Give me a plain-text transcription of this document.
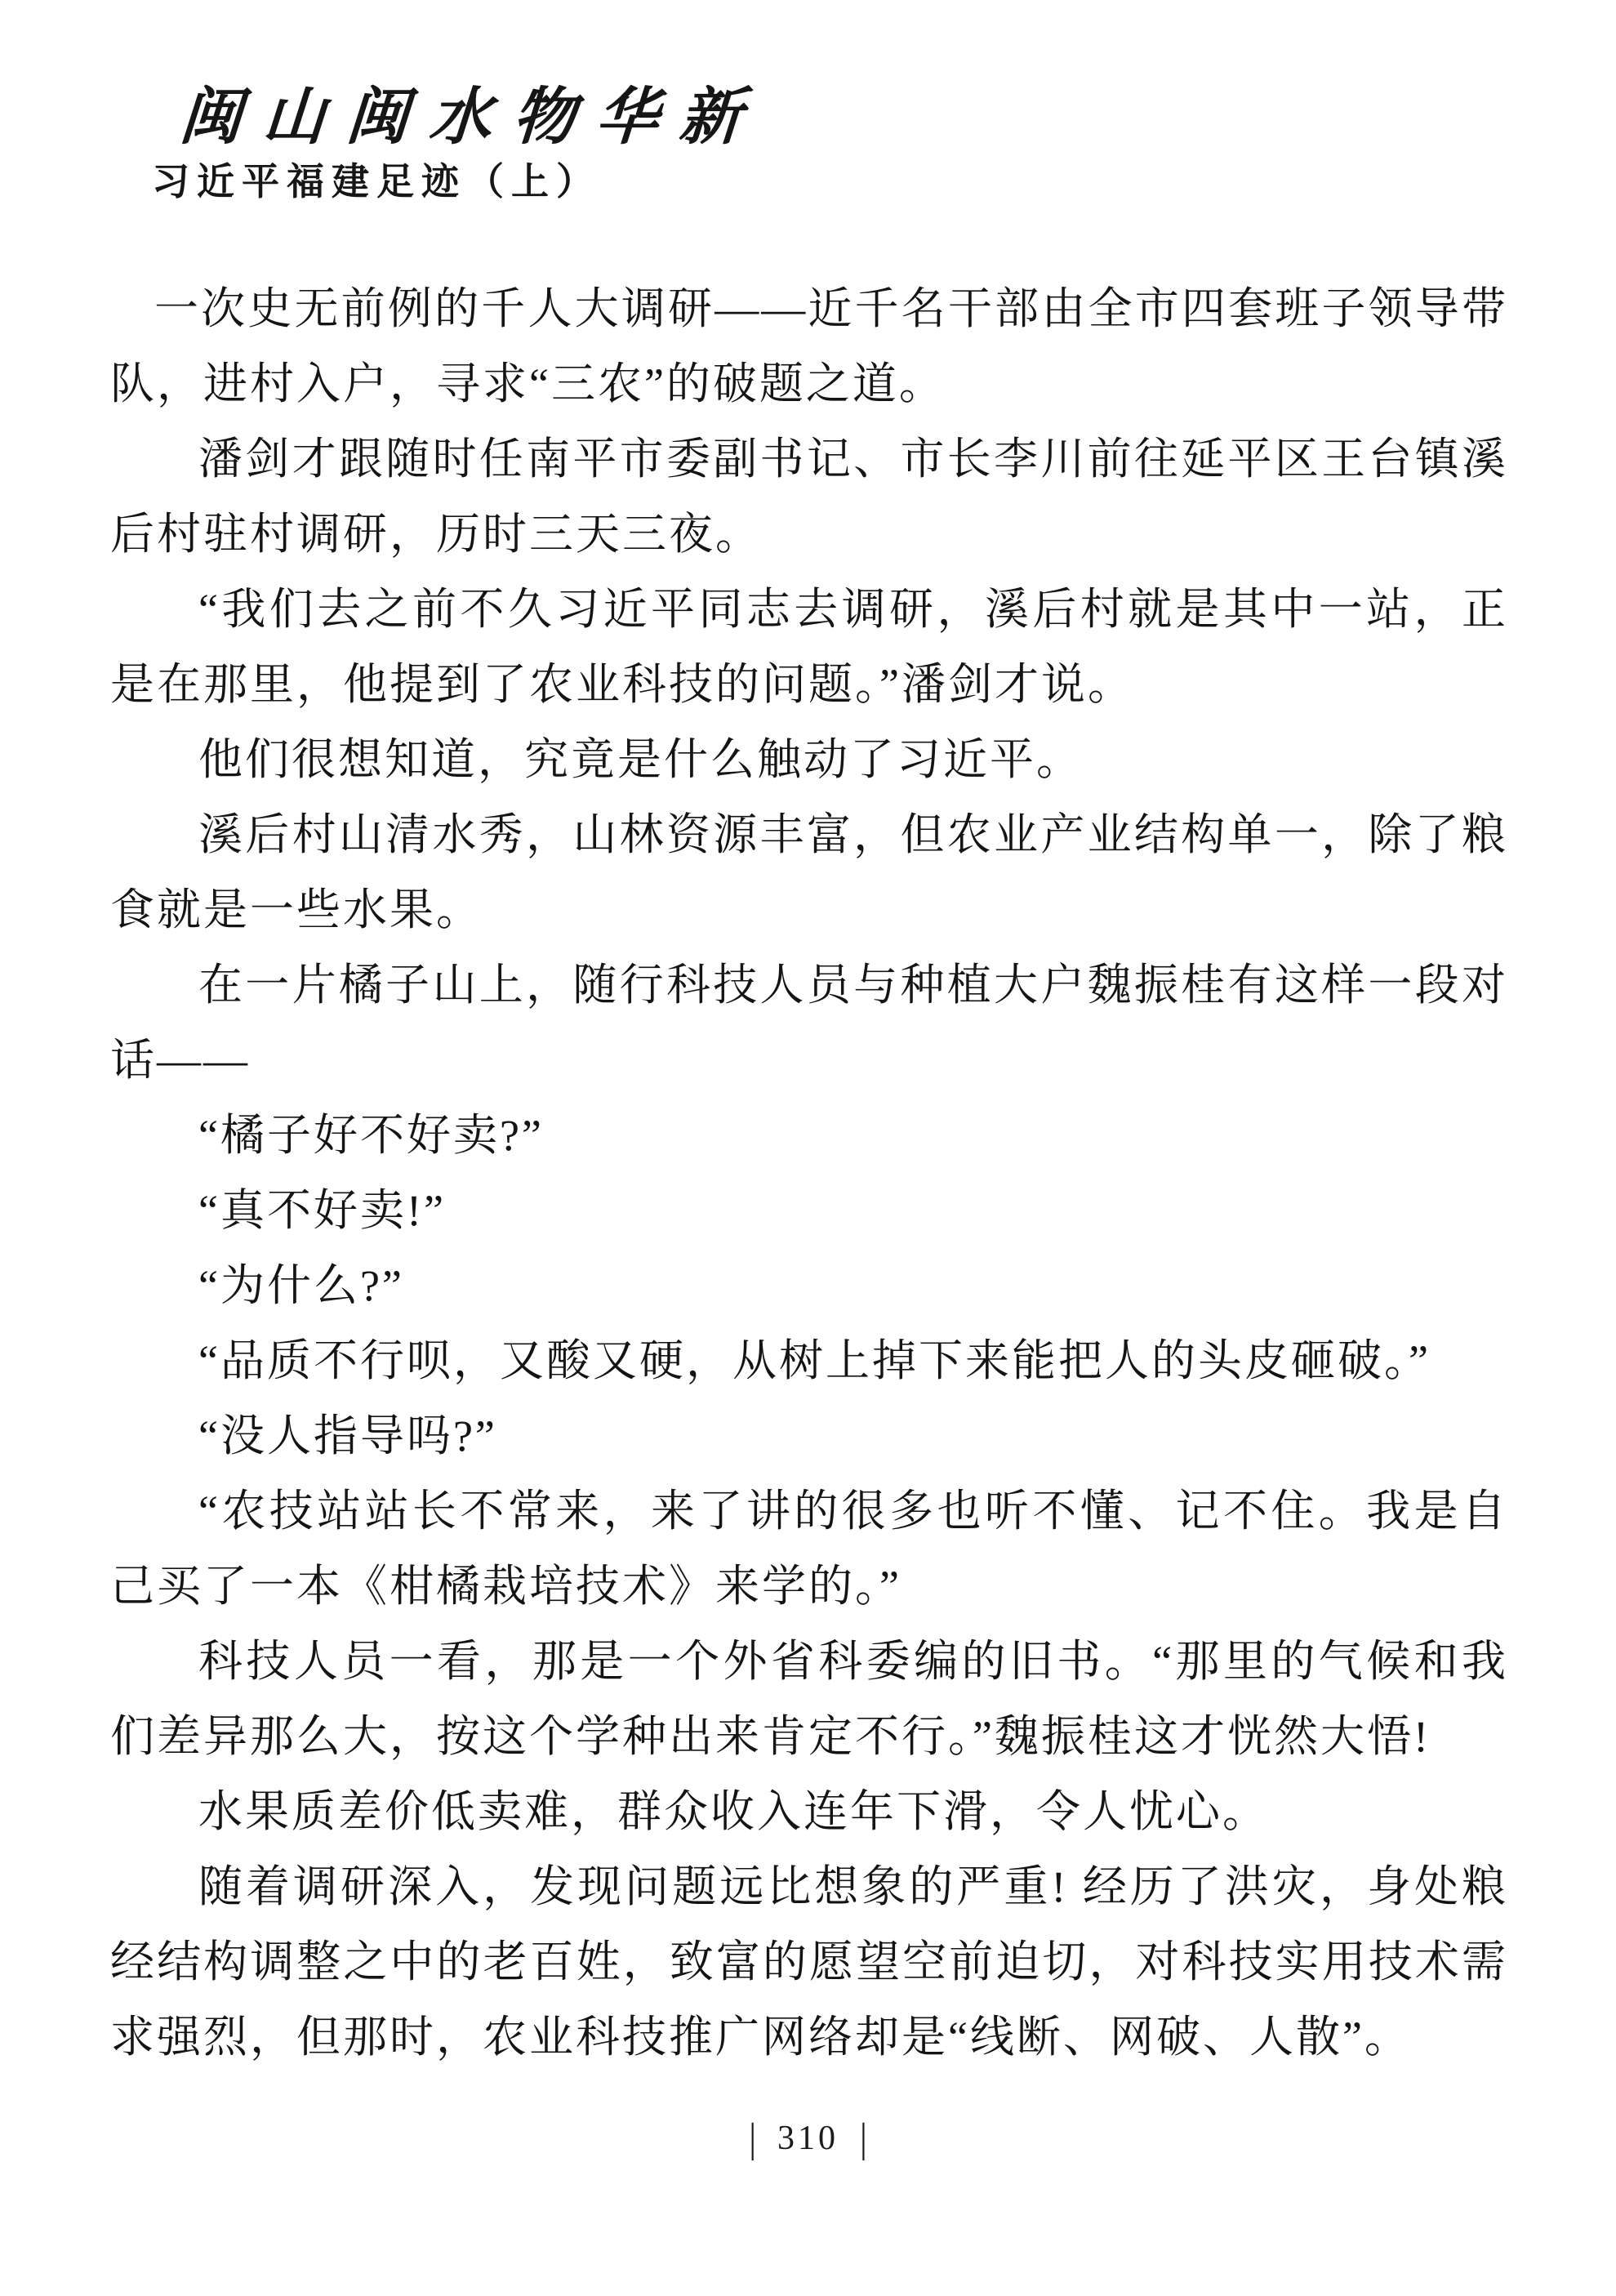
闽山闽水物华新
习近平福建足迹（上）

一次史无前例的千人大调研——近千名干部由全市四套班子领导带队，进村入户，寻求“三农”的破题之道。

潘剑才跟随时任南平市委副书记、市长李川前往延平区王台镇溪后村驻村调研，历时三天三夜。

“我们去之前不久习近平同志去调研，溪后村就是其中一站，正是在那里，他提到了农业科技的问题。”潘剑才说。

他们很想知道，究竟是什么触动了习近平。

溪后村山清水秀，山林资源丰富，但农业产业结构单一，除了粮食就是一些水果。

在一片橘子山上，随行科技人员与种植大户魏振桂有这样一段对话——

“橘子好不好卖?”

“真不好卖!”

“为什么?”

“品质不行呗，又酸又硬，从树上掉下来能把人的头皮砸破。”

“没人指导吗?”

“农技站站长不常来，来了讲的很多也听不懂、记不住。我是自己买了一本《柑橘栽培技术》来学的。”

科技人员一看，那是一个外省科委编的旧书。“那里的气候和我们差异那么大，按这个学种出来肯定不行。”魏振桂这才恍然大悟!

水果质差价低卖难，群众收入连年下滑，令人忧心。

随着调研深入，发现问题远比想象的严重! 经历了洪灾，身处粮经结构调整之中的老百姓，致富的愿望空前迫切，对科技实用技术需求强烈，但那时，农业科技推广网络却是“线断、网破、人散”。

| 310 |
